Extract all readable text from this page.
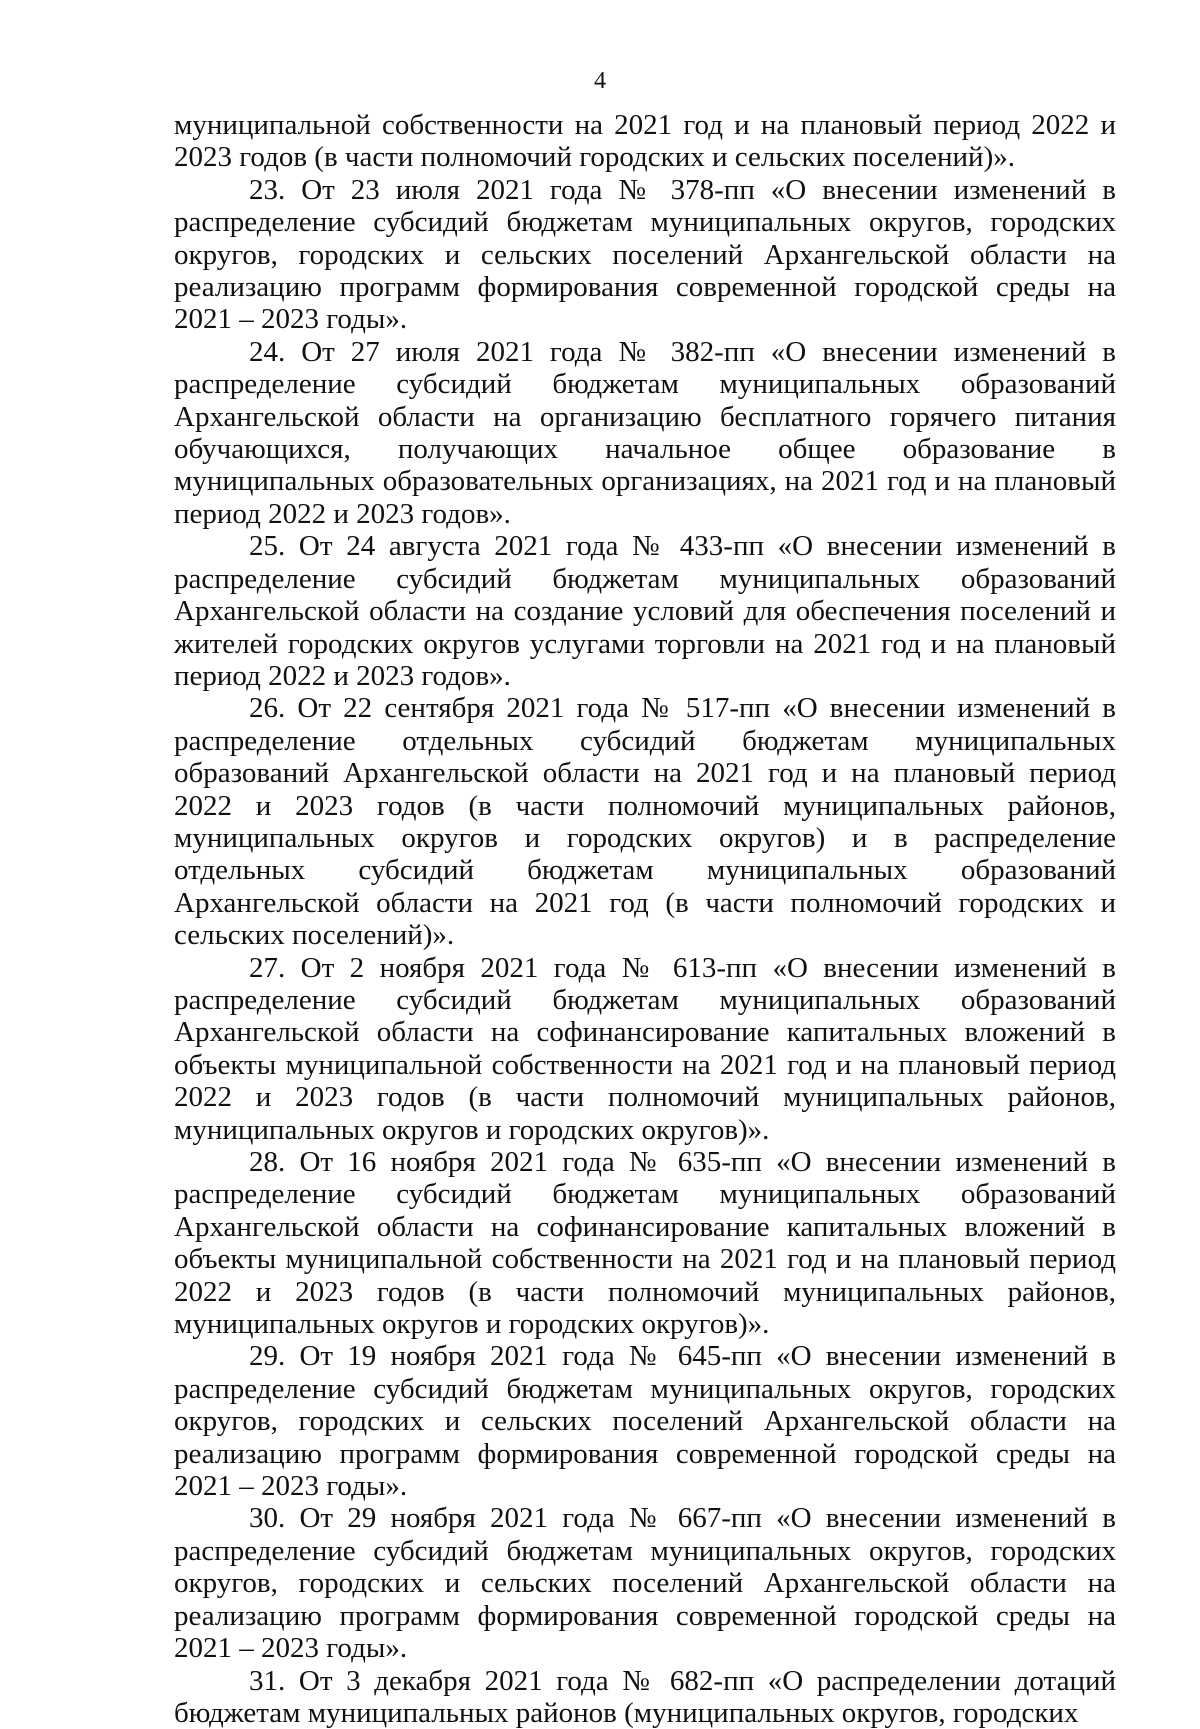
4

муниципальной собственности на 2021 год и на плановый период 2022 и 2023 годов (в части полномочий городских и сельских поселений)».

23. От 23 июля 2021 года № 378-пп «О внесении изменений в распределение субсидий бюджетам муниципальных округов, городских округов, городских и сельских поселений Архангельской области на реализацию программ формирования современной городской среды на 2021 – 2023 годы».

24. От 27 июля 2021 года № 382-пп «О внесении изменений в распределение субсидий бюджетам муниципальных образований Архангельской области на организацию бесплатного горячего питания обучающихся, получающих начальное общее образование в муниципальных образовательных организациях, на 2021 год и на плановый период 2022 и 2023 годов».

25. От 24 августа 2021 года № 433-пп «О внесении изменений в распределение субсидий бюджетам муниципальных образований Архангельской области на создание условий для обеспечения поселений и жителей городских округов услугами торговли на 2021 год и на плановый период 2022 и 2023 годов».

26. От 22 сентября 2021 года № 517-пп «О внесении изменений в распределение отдельных субсидий бюджетам муниципальных образований Архангельской области на 2021 год и на плановый период 2022 и 2023 годов (в части полномочий муниципальных районов, муниципальных округов и городских округов) и в распределение отдельных субсидий бюджетам муниципальных образований Архангельской области на 2021 год (в части полномочий городских и сельских поселений)».

27. От 2 ноября 2021 года № 613-пп «О внесении изменений в распределение субсидий бюджетам муниципальных образований Архангельской области на софинансирование капитальных вложений в объекты муниципальной собственности на 2021 год и на плановый период 2022 и 2023 годов (в части полномочий муниципальных районов, муниципальных округов и городских округов)».

28. От 16 ноября 2021 года № 635-пп «О внесении изменений в распределение субсидий бюджетам муниципальных образований Архангельской области на софинансирование капитальных вложений в объекты муниципальной собственности на 2021 год и на плановый период 2022 и 2023 годов (в части полномочий муниципальных районов, муниципальных округов и городских округов)».

29. От 19 ноября 2021 года № 645-пп «О внесении изменений в распределение субсидий бюджетам муниципальных округов, городских округов, городских и сельских поселений Архангельской области на реализацию программ формирования современной городской среды на 2021 – 2023 годы».

30. От 29 ноября 2021 года № 667-пп «О внесении изменений в распределение субсидий бюджетам муниципальных округов, городских округов, городских и сельских поселений Архангельской области на реализацию программ формирования современной городской среды на 2021 – 2023 годы».

31. От 3 декабря 2021 года № 682-пп «О распределении дотаций бюджетам муниципальных районов (муниципальных округов, городских
